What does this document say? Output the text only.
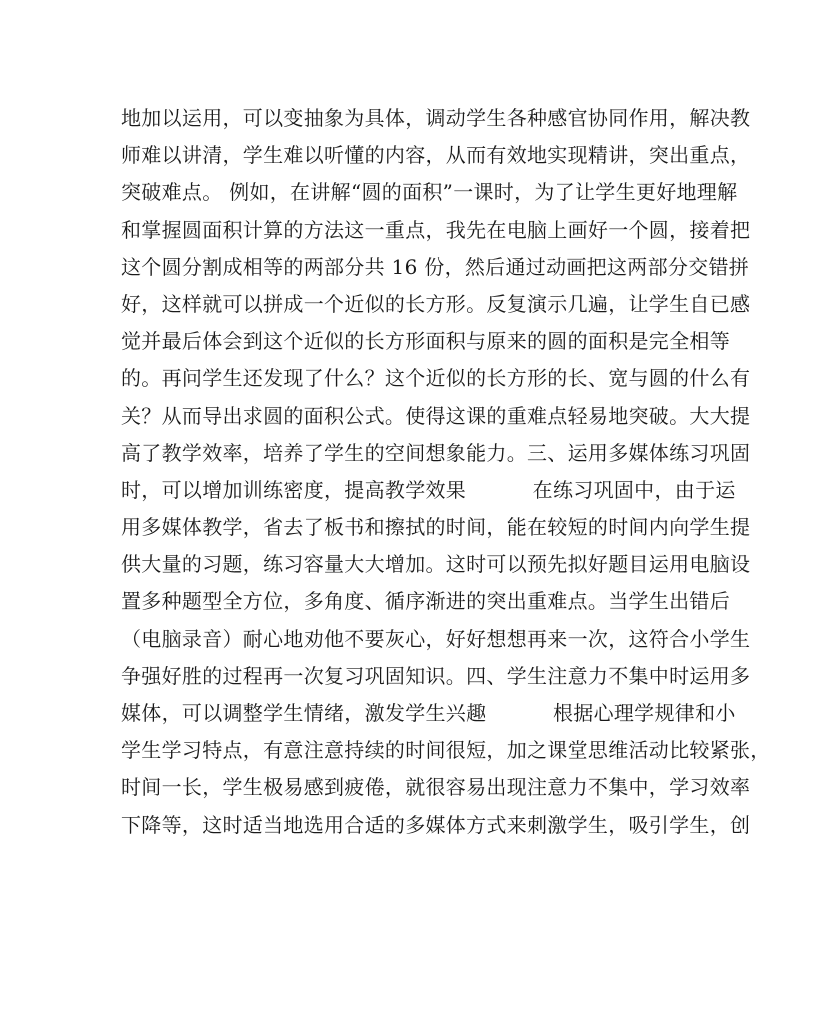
地加以运用，可以变抽象为具体，调动学生各种感官协同作用，解决教
师难以讲清，学生难以听懂的内容，从而有效地实现精讲，突出重点，
突破难点。 例如，在讲解“圆的面积”一课时，为了让学生更好地理解
和掌握圆面积计算的方法这一重点，我先在电脑上画好一个圆，接着把
这个圆分割成相等的两部分共 16 份，然后通过动画把这两部分交错拼
好，这样就可以拼成一个近似的长方形。反复演示几遍，让学生自已感
觉并最后体会到这个近似的长方形面积与原来的圆的面积是完全相等
的。再问学生还发现了什么？这个近似的长方形的长、宽与圆的什么有
关？从而导出求圆的面积公式。使得这课的重难点轻易地突破。大大提
高了教学效率，培养了学生的空间想象能力。三、运用多媒体练习巩固
时，可以增加训练密度，提高教学效果          在练习巩固中，由于运
用多媒体教学，省去了板书和擦拭的时间，能在较短的时间内向学生提
供大量的习题，练习容量大大增加。这时可以预先拟好题目运用电脑设
置多种题型全方位，多角度、循序渐进的突出重难点。当学生出错后
（电脑录音）耐心地劝他不要灰心，好好想想再来一次，这符合小学生
争强好胜的过程再一次复习巩固知识。四、学生注意力不集中时运用多
媒体，可以调整学生情绪，激发学生兴趣          根据心理学规律和小
学生学习特点，有意注意持续的时间很短，加之课堂思维活动比较紧张，
时间一长，学生极易感到疲倦，就很容易出现注意力不集中，学习效率
下降等，这时适当地选用合适的多媒体方式来刺激学生，吸引学生，创
